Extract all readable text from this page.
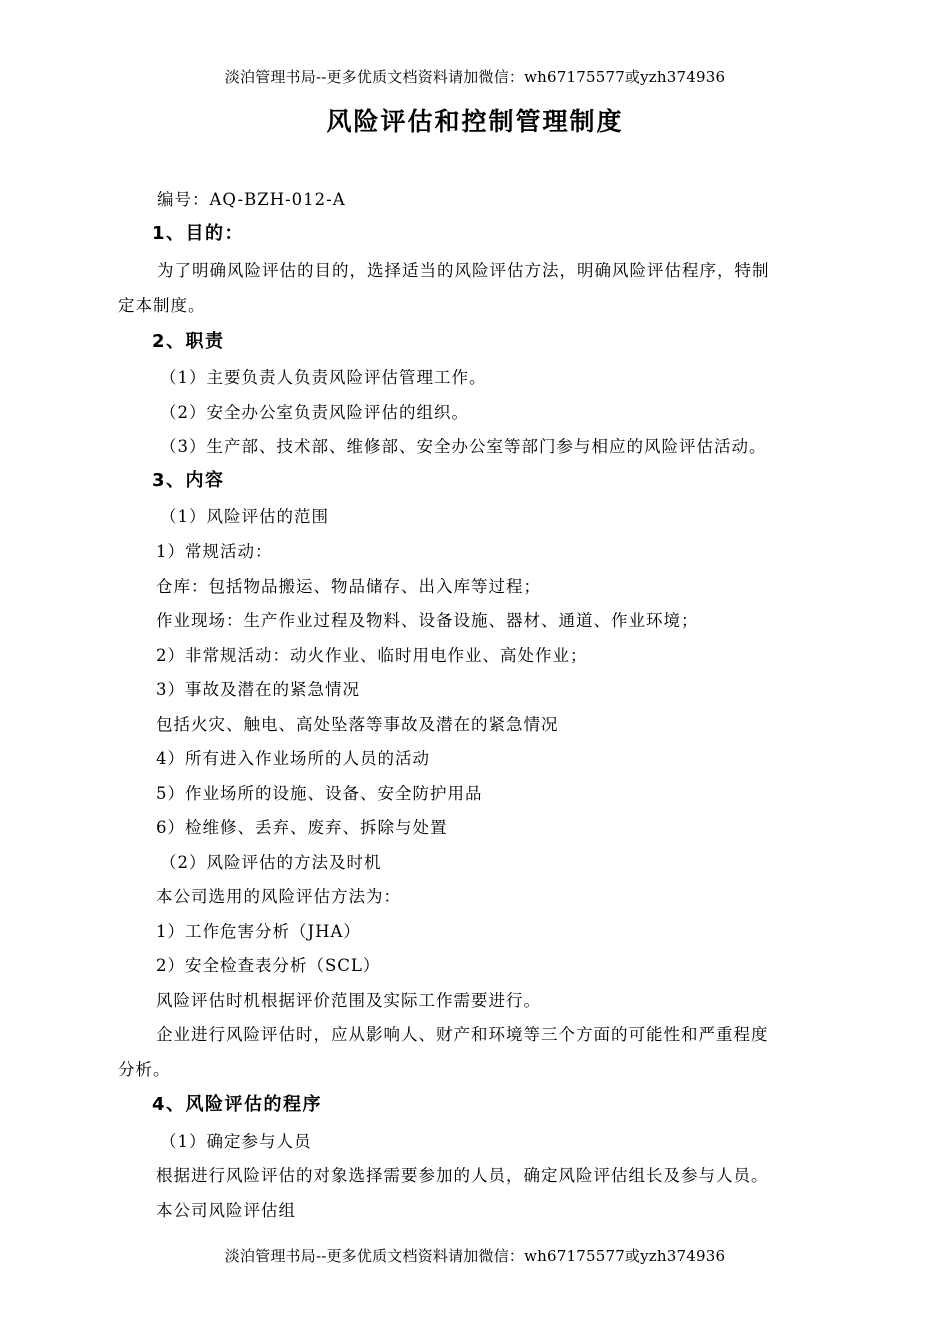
淡泊管理书局--更多优质文档资料请加微信：wh67175577或yzh374936
风险评估和控制管理制度
编号：AQ-BZH-012-A
1、目的：
为了明确风险评估的目的，选择适当的风险评估方法，明确风险评估程序，特制
定本制度。
2、职责
（1）主要负责人负责风险评估管理工作。
（2）安全办公室负责风险评估的组织。
（3）生产部、技术部、维修部、安全办公室等部门参与相应的风险评估活动。
3、内容
（1）风险评估的范围
1）常规活动：
仓库：包括物品搬运、物品储存、出入库等过程；
作业现场：生产作业过程及物料、设备设施、器材、通道、作业环境；
2）非常规活动：动火作业、临时用电作业、高处作业；
3）事故及潜在的紧急情况
包括火灾、触电、高处坠落等事故及潜在的紧急情况
4）所有进入作业场所的人员的活动
5）作业场所的设施、设备、安全防护用品
6）检维修、丢弃、废弃、拆除与处置
（2）风险评估的方法及时机
本公司选用的风险评估方法为：
1）工作危害分析（JHA）
2）安全检查表分析（SCL）
风险评估时机根据评价范围及实际工作需要进行。
企业进行风险评估时，应从影响人、财产和环境等三个方面的可能性和严重程度
分析。
4、风险评估的程序
（1）确定参与人员
根据进行风险评估的对象选择需要参加的人员，确定风险评估组长及参与人员。
本公司风险评估组
淡泊管理书局--更多优质文档资料请加微信：wh67175577或yzh374936
